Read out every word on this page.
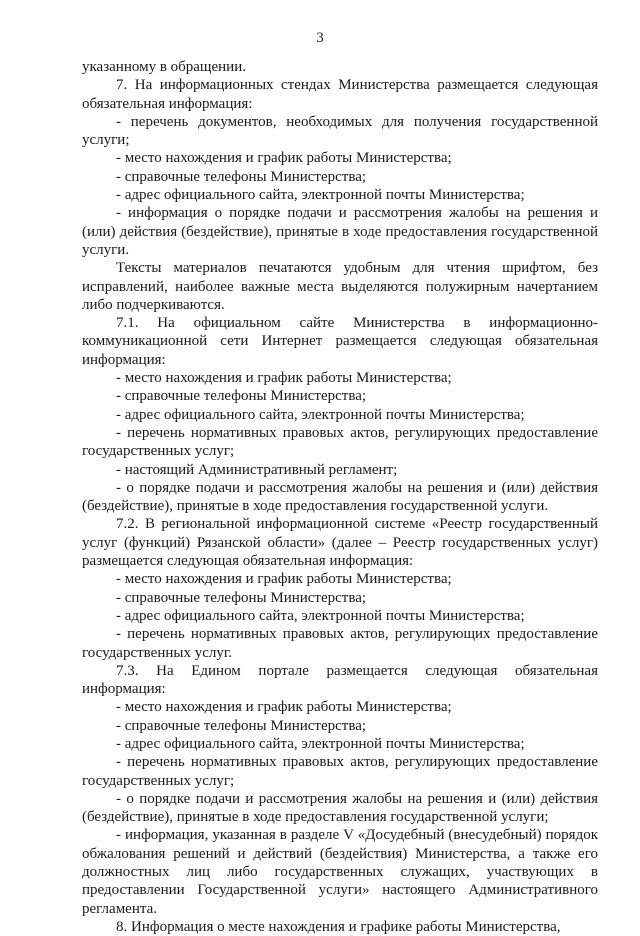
3

указанному в обращении.

7. На информационных стендах Министерства размещается следующая обязательная информация:

- перечень документов, необходимых для получения государственной услуги;

- место нахождения и график работы Министерства;

- справочные телефоны Министерства;

- адрес официального сайта, электронной почты Министерства;

- информация о порядке подачи и рассмотрения жалобы на решения и (или) действия (бездействие), принятые в ходе предоставления государственной услуги.

Тексты материалов печатаются удобным для чтения шрифтом, без исправлений, наиболее важные места выделяются полужирным начертанием либо подчеркиваются.

7.1. На официальном сайте Министерства в информационно-коммуникационной сети Интернет размещается следующая обязательная информация:

- место нахождения и график работы Министерства;

- справочные телефоны Министерства;

- адрес официального сайта, электронной почты Министерства;

- перечень нормативных правовых актов, регулирующих предоставление государственных услуг;

- настоящий Административный регламент;

- о порядке подачи и рассмотрения жалобы на решения и (или) действия (бездействие), принятые в ходе предоставления государственной услуги.

7.2. В региональной информационной системе «Реестр государственный услуг (функций) Рязанской области» (далее – Реестр государственных услуг) размещается следующая обязательная информация:

- место нахождения и график работы Министерства;

- справочные телефоны Министерства;

- адрес официального сайта, электронной почты Министерства;

- перечень нормативных правовых актов, регулирующих предоставление государственных услуг.

7.3. На Едином портале размещается следующая обязательная информация:

- место нахождения и график работы Министерства;

- справочные телефоны Министерства;

- адрес официального сайта, электронной почты Министерства;

- перечень нормативных правовых актов, регулирующих предоставление государственных услуг;

- о порядке подачи и рассмотрения жалобы на решения и (или) действия (бездействие), принятые в ходе предоставления государственной услуги;

- информация, указанная в разделе V «Досудебный (внесудебный) порядок обжалования решений и действий (бездействия) Министерства, а также его должностных лиц либо государственных служащих, участвующих в предоставлении Государственной услуги» настоящего Административного регламента.

8. Информация о месте нахождения и графике работы Министерства,
